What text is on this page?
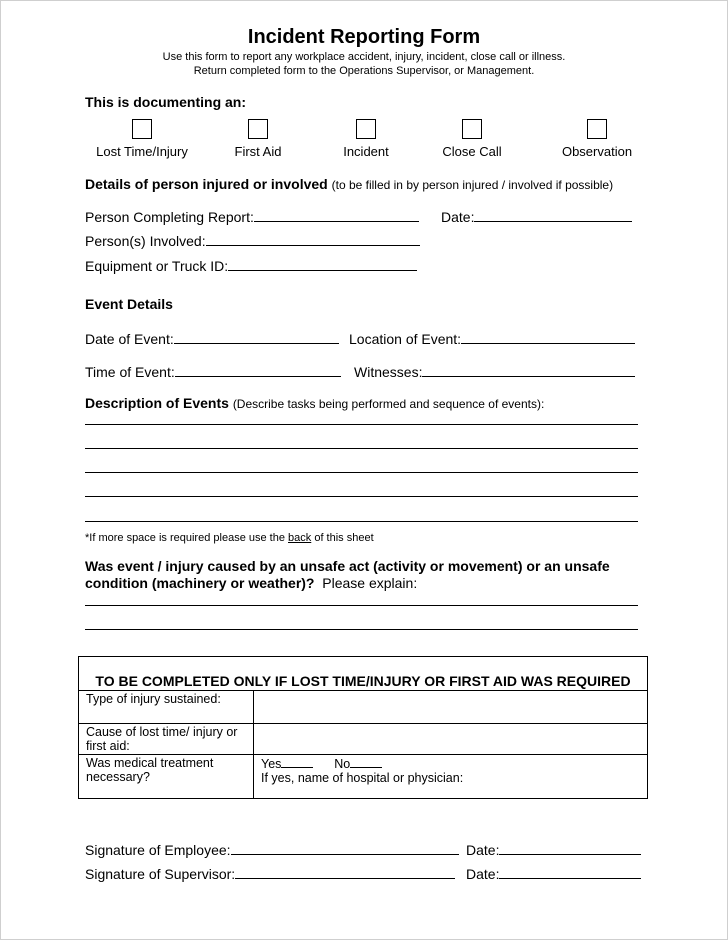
Incident Reporting Form
Use this form to report any workplace accident, injury, incident, close call or illness.
Return completed form to the Operations Supervisor, or Management.
This is documenting an:
Lost Time/Injury	First Aid	Incident	Close Call	Observation
Details of person injured or involved (to be filled in by person injured / involved if possible)
Person Completing Report:	Date:
Person(s) Involved:
Equipment or Truck ID:
Event Details
Date of Event:	Location of Event:
Time of Event:	Witnesses:
Description of Events (Describe tasks being performed and sequence of events):
*If more space is required please use the back of this sheet
Was event / injury caused by an unsafe act (activity or movement) or an unsafe
condition (machinery or weather)? Please explain:
TO BE COMPLETED ONLY IF LOST TIME/INJURY OR FIRST AID WAS REQUIRED	
Type of injury sustained:	
Cause of lost time/ injury or first aid:	
Was medical treatment necessary?	Yes No
If yes, name of hospital or physician:
Signature of Employee:	Date:
Signature of Supervisor:	Date:
